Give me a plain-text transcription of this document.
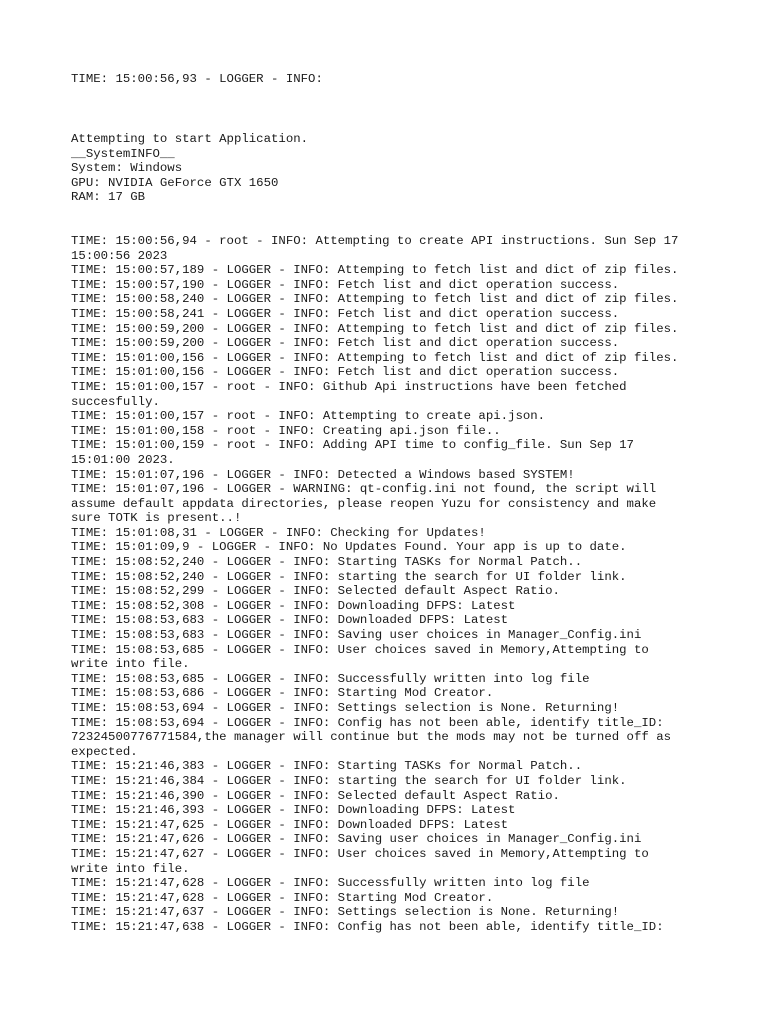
TIME: 15:00:56,93 - LOGGER - INFO:
Attempting to start Application.
__SystemINFO__
System: Windows
GPU: NVIDIA GeForce GTX 1650
RAM: 17 GB
TIME: 15:00:56,94 - root - INFO: Attempting to create API instructions. Sun Sep 17
15:00:56 2023
TIME: 15:00:57,189 - LOGGER - INFO: Attemping to fetch list and dict of zip files.
TIME: 15:00:57,190 - LOGGER - INFO: Fetch list and dict operation success.
TIME: 15:00:58,240 - LOGGER - INFO: Attemping to fetch list and dict of zip files.
TIME: 15:00:58,241 - LOGGER - INFO: Fetch list and dict operation success.
TIME: 15:00:59,200 - LOGGER - INFO: Attemping to fetch list and dict of zip files.
TIME: 15:00:59,200 - LOGGER - INFO: Fetch list and dict operation success.
TIME: 15:01:00,156 - LOGGER - INFO: Attemping to fetch list and dict of zip files.
TIME: 15:01:00,156 - LOGGER - INFO: Fetch list and dict operation success.
TIME: 15:01:00,157 - root - INFO: Github Api instructions have been fetched
succesfully.
TIME: 15:01:00,157 - root - INFO: Attempting to create api.json.
TIME: 15:01:00,158 - root - INFO: Creating api.json file..
TIME: 15:01:00,159 - root - INFO: Adding API time to config_file. Sun Sep 17
15:01:00 2023.
TIME: 15:01:07,196 - LOGGER - INFO: Detected a Windows based SYSTEM!
TIME: 15:01:07,196 - LOGGER - WARNING: qt-config.ini not found, the script will
assume default appdata directories, please reopen Yuzu for consistency and make
sure TOTK is present..!
TIME: 15:01:08,31 - LOGGER - INFO: Checking for Updates!
TIME: 15:01:09,9 - LOGGER - INFO: No Updates Found. Your app is up to date.
TIME: 15:08:52,240 - LOGGER - INFO: Starting TASKs for Normal Patch..
TIME: 15:08:52,240 - LOGGER - INFO: starting the search for UI folder link.
TIME: 15:08:52,299 - LOGGER - INFO: Selected default Aspect Ratio.
TIME: 15:08:52,308 - LOGGER - INFO: Downloading DFPS: Latest
TIME: 15:08:53,683 - LOGGER - INFO: Downloaded DFPS: Latest
TIME: 15:08:53,683 - LOGGER - INFO: Saving user choices in Manager_Config.ini
TIME: 15:08:53,685 - LOGGER - INFO: User choices saved in Memory,Attempting to
write into file.
TIME: 15:08:53,685 - LOGGER - INFO: Successfully written into log file
TIME: 15:08:53,686 - LOGGER - INFO: Starting Mod Creator.
TIME: 15:08:53,694 - LOGGER - INFO: Settings selection is None. Returning!
TIME: 15:08:53,694 - LOGGER - INFO: Config has not been able, identify title_ID:
72324500776771584,the manager will continue but the mods may not be turned off as
expected.
TIME: 15:21:46,383 - LOGGER - INFO: Starting TASKs for Normal Patch..
TIME: 15:21:46,384 - LOGGER - INFO: starting the search for UI folder link.
TIME: 15:21:46,390 - LOGGER - INFO: Selected default Aspect Ratio.
TIME: 15:21:46,393 - LOGGER - INFO: Downloading DFPS: Latest
TIME: 15:21:47,625 - LOGGER - INFO: Downloaded DFPS: Latest
TIME: 15:21:47,626 - LOGGER - INFO: Saving user choices in Manager_Config.ini
TIME: 15:21:47,627 - LOGGER - INFO: User choices saved in Memory,Attempting to
write into file.
TIME: 15:21:47,628 - LOGGER - INFO: Successfully written into log file
TIME: 15:21:47,628 - LOGGER - INFO: Starting Mod Creator.
TIME: 15:21:47,637 - LOGGER - INFO: Settings selection is None. Returning!
TIME: 15:21:47,638 - LOGGER - INFO: Config has not been able, identify title_ID:
